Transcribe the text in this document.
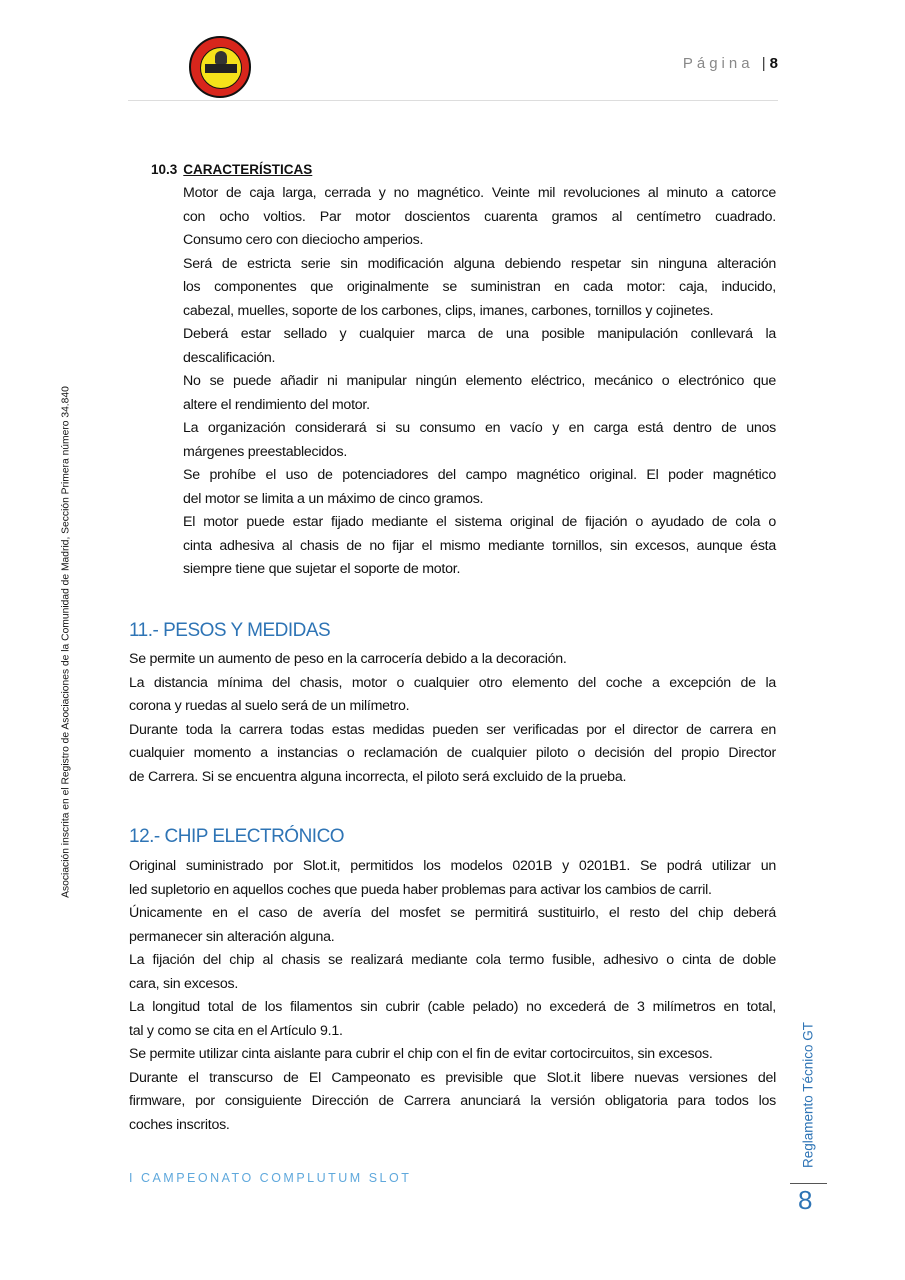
Página | 8
Asociación inscrita en el Registro de Asociaciones de la Comunidad de Madrid, Sección Primera número 34.840
10.3 CARACTERÍSTICAS
Motor de caja larga, cerrada y no magnético. Veinte mil revoluciones al minuto a catorce
con ocho voltios. Par motor doscientos cuarenta gramos al centímetro cuadrado.
Consumo cero con dieciocho amperios.
Será de estricta serie sin modificación alguna debiendo respetar sin ninguna alteración
los componentes que originalmente se suministran en cada motor: caja, inducido,
cabezal, muelles, soporte de los carbones, clips, imanes, carbones, tornillos y cojinetes.
Deberá estar sellado y cualquier marca de una posible manipulación conllevará la
descalificación.
No se puede añadir ni manipular ningún elemento eléctrico, mecánico o electrónico que
altere el rendimiento del motor.
La organización considerará si su consumo en vacío y en carga está dentro de unos
márgenes preestablecidos.
Se prohíbe el uso de potenciadores del campo magnético original. El poder magnético
del motor se limita a un máximo de cinco gramos.
El motor puede estar fijado mediante el sistema original de fijación o ayudado de cola o
cinta adhesiva al chasis de no fijar el mismo mediante tornillos, sin excesos, aunque ésta
siempre tiene que sujetar el soporte de motor.
11.- PESOS Y MEDIDAS
Se permite un aumento de peso en la carrocería debido a la decoración.
La distancia mínima del chasis, motor o cualquier otro elemento del coche a excepción de la
corona y ruedas al suelo será de un milímetro.
Durante toda la carrera todas estas medidas pueden ser verificadas por el director de carrera en
cualquier momento a instancias o reclamación de cualquier piloto o decisión del propio Director
de Carrera. Si se encuentra alguna incorrecta, el piloto será excluido de la prueba.
12.- CHIP ELECTRÓNICO
Original suministrado por Slot.it, permitidos los modelos 0201B y 0201B1. Se podrá utilizar un
led supletorio en aquellos coches que pueda haber problemas para activar los cambios de carril.
Únicamente en el caso de avería del mosfet se permitirá sustituirlo, el resto del chip deberá
permanecer sin alteración alguna.
La fijación del chip al chasis se realizará mediante cola termo fusible, adhesivo o cinta de doble
cara, sin excesos.
La longitud total de los filamentos sin cubrir (cable pelado) no excederá de 3 milímetros en total,
tal y como se cita en el Artículo 9.1.
Se permite utilizar cinta aislante para cubrir el chip con el fin de evitar cortocircuitos, sin excesos.
Durante el transcurso de El Campeonato es previsible que Slot.it libere nuevas versiones del
firmware, por consiguiente Dirección de Carrera anunciará la versión obligatoria para todos los
coches inscritos.
I CAMPEONATO COMPLUTUM SLOT
Reglamento Técnico GT
8
